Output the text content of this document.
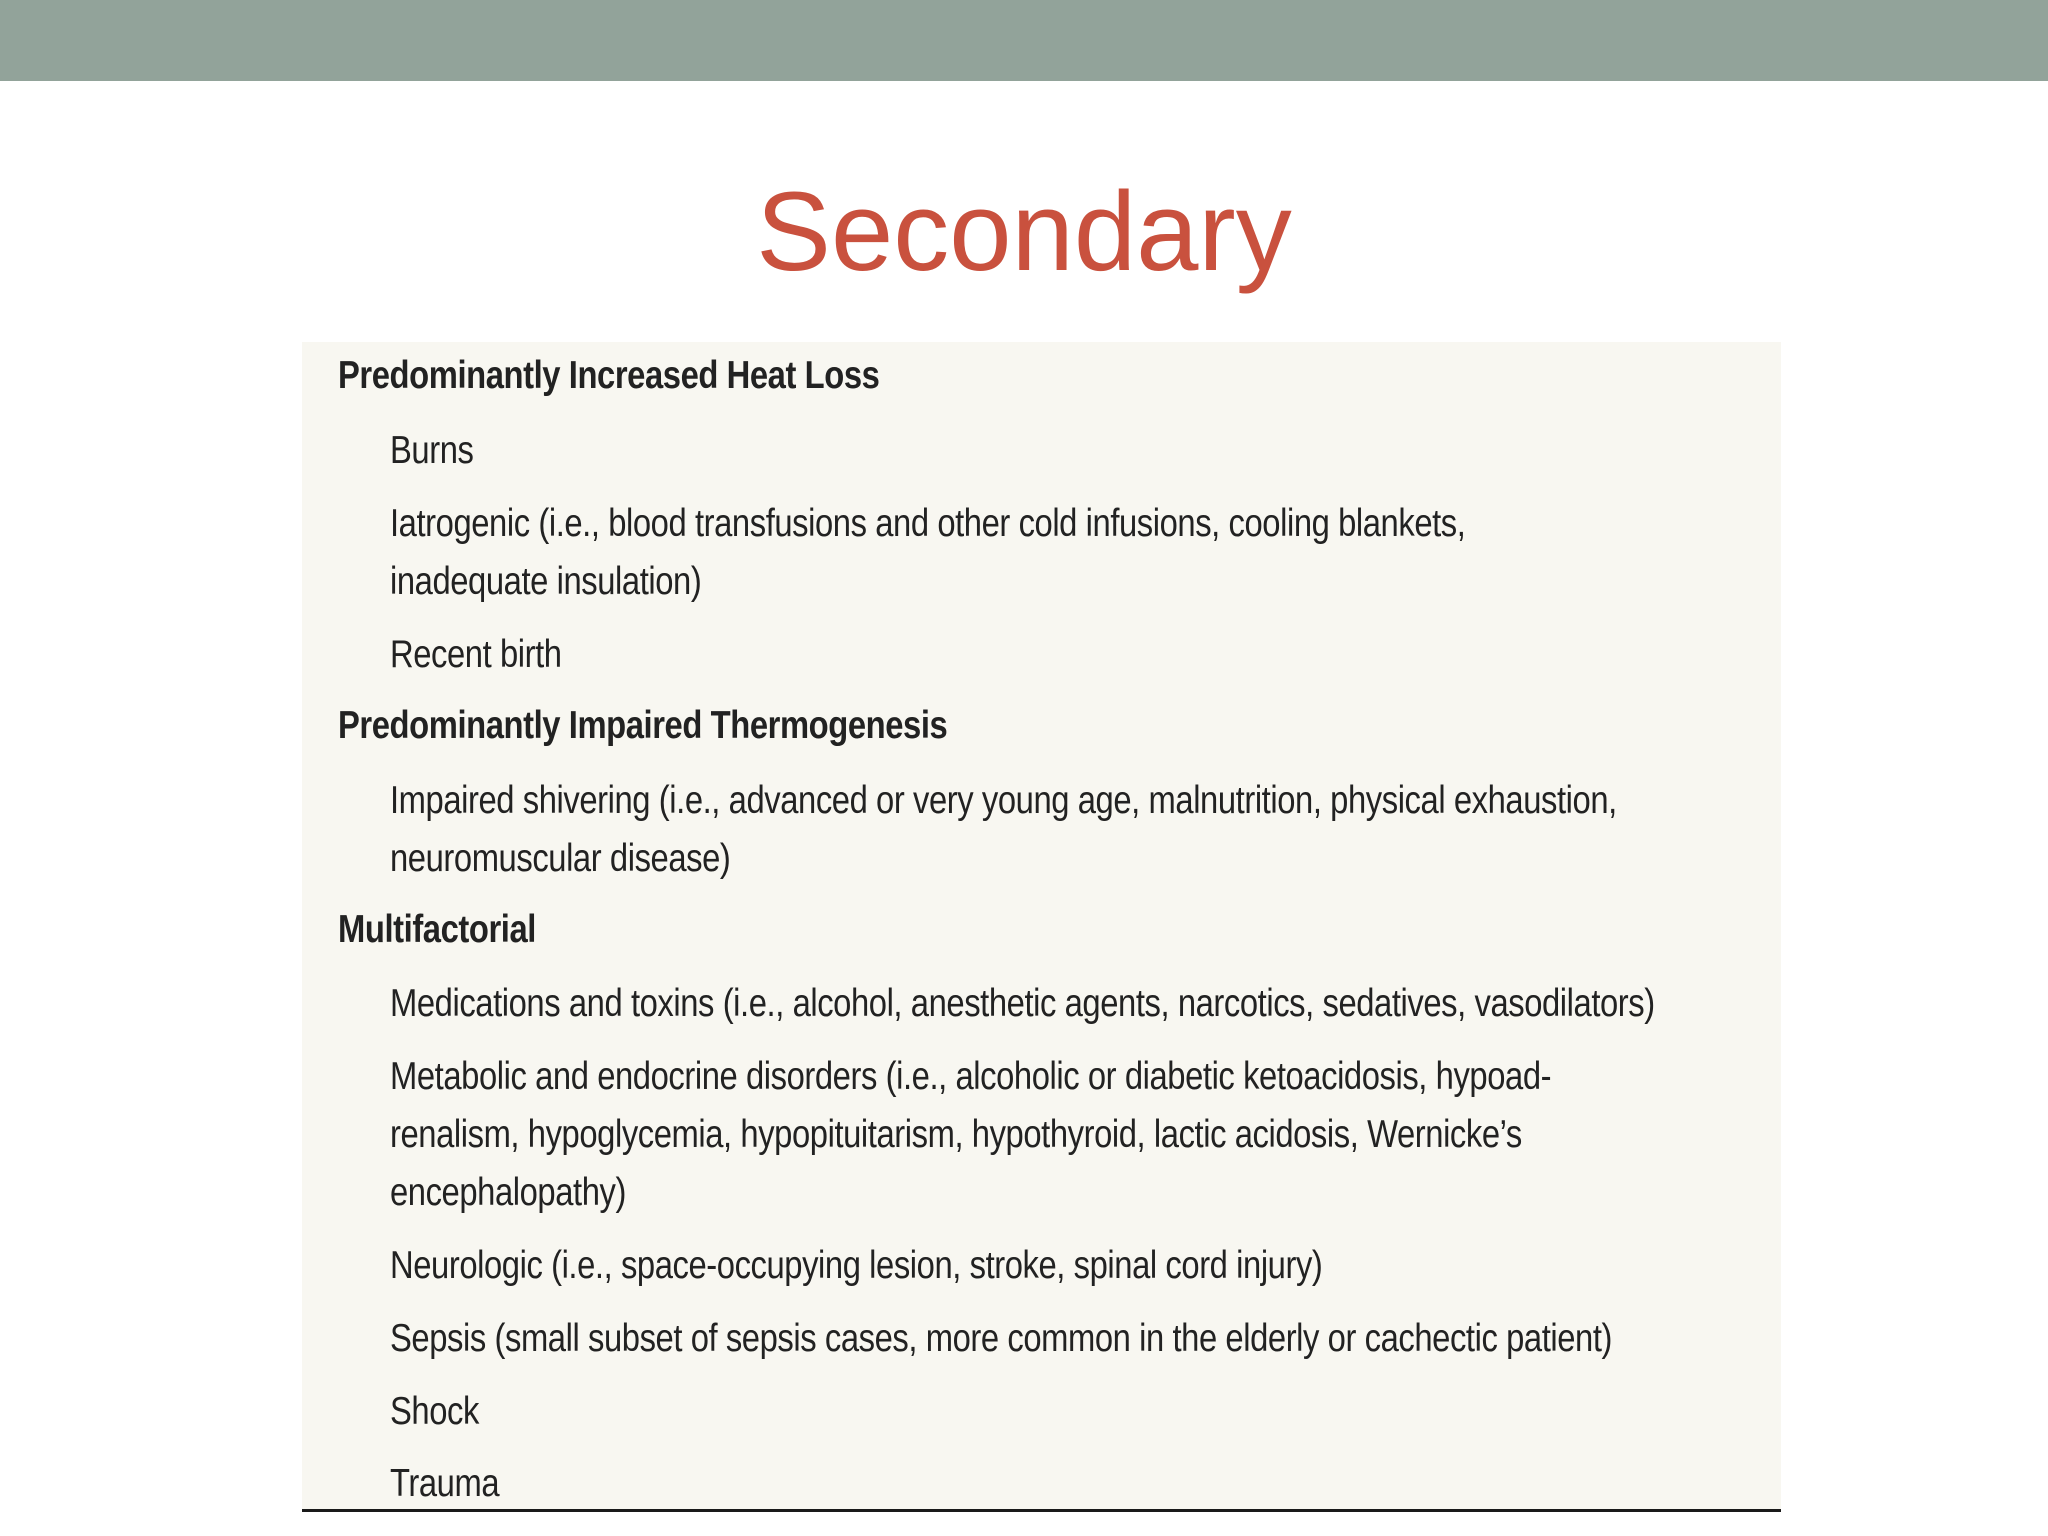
Secondary
Predominantly Increased Heat Loss
Burns
Iatrogenic (i.e., blood transfusions and other cold infusions, cooling blankets,
inadequate insulation)
Recent birth
Predominantly Impaired Thermogenesis
Impaired shivering (i.e., advanced or very young age, malnutrition, physical exhaustion,
neuromuscular disease)
Multifactorial
Medications and toxins (i.e., alcohol, anesthetic agents, narcotics, sedatives, vasodilators)
Metabolic and endocrine disorders (i.e., alcoholic or diabetic ketoacidosis, hypoad-
renalism, hypoglycemia, hypopituitarism, hypothyroid, lactic acidosis, Wernicke’s
encephalopathy)
Neurologic (i.e., space-occupying lesion, stroke, spinal cord injury)
Sepsis (small subset of sepsis cases, more common in the elderly or cachectic patient)
Shock
Trauma
